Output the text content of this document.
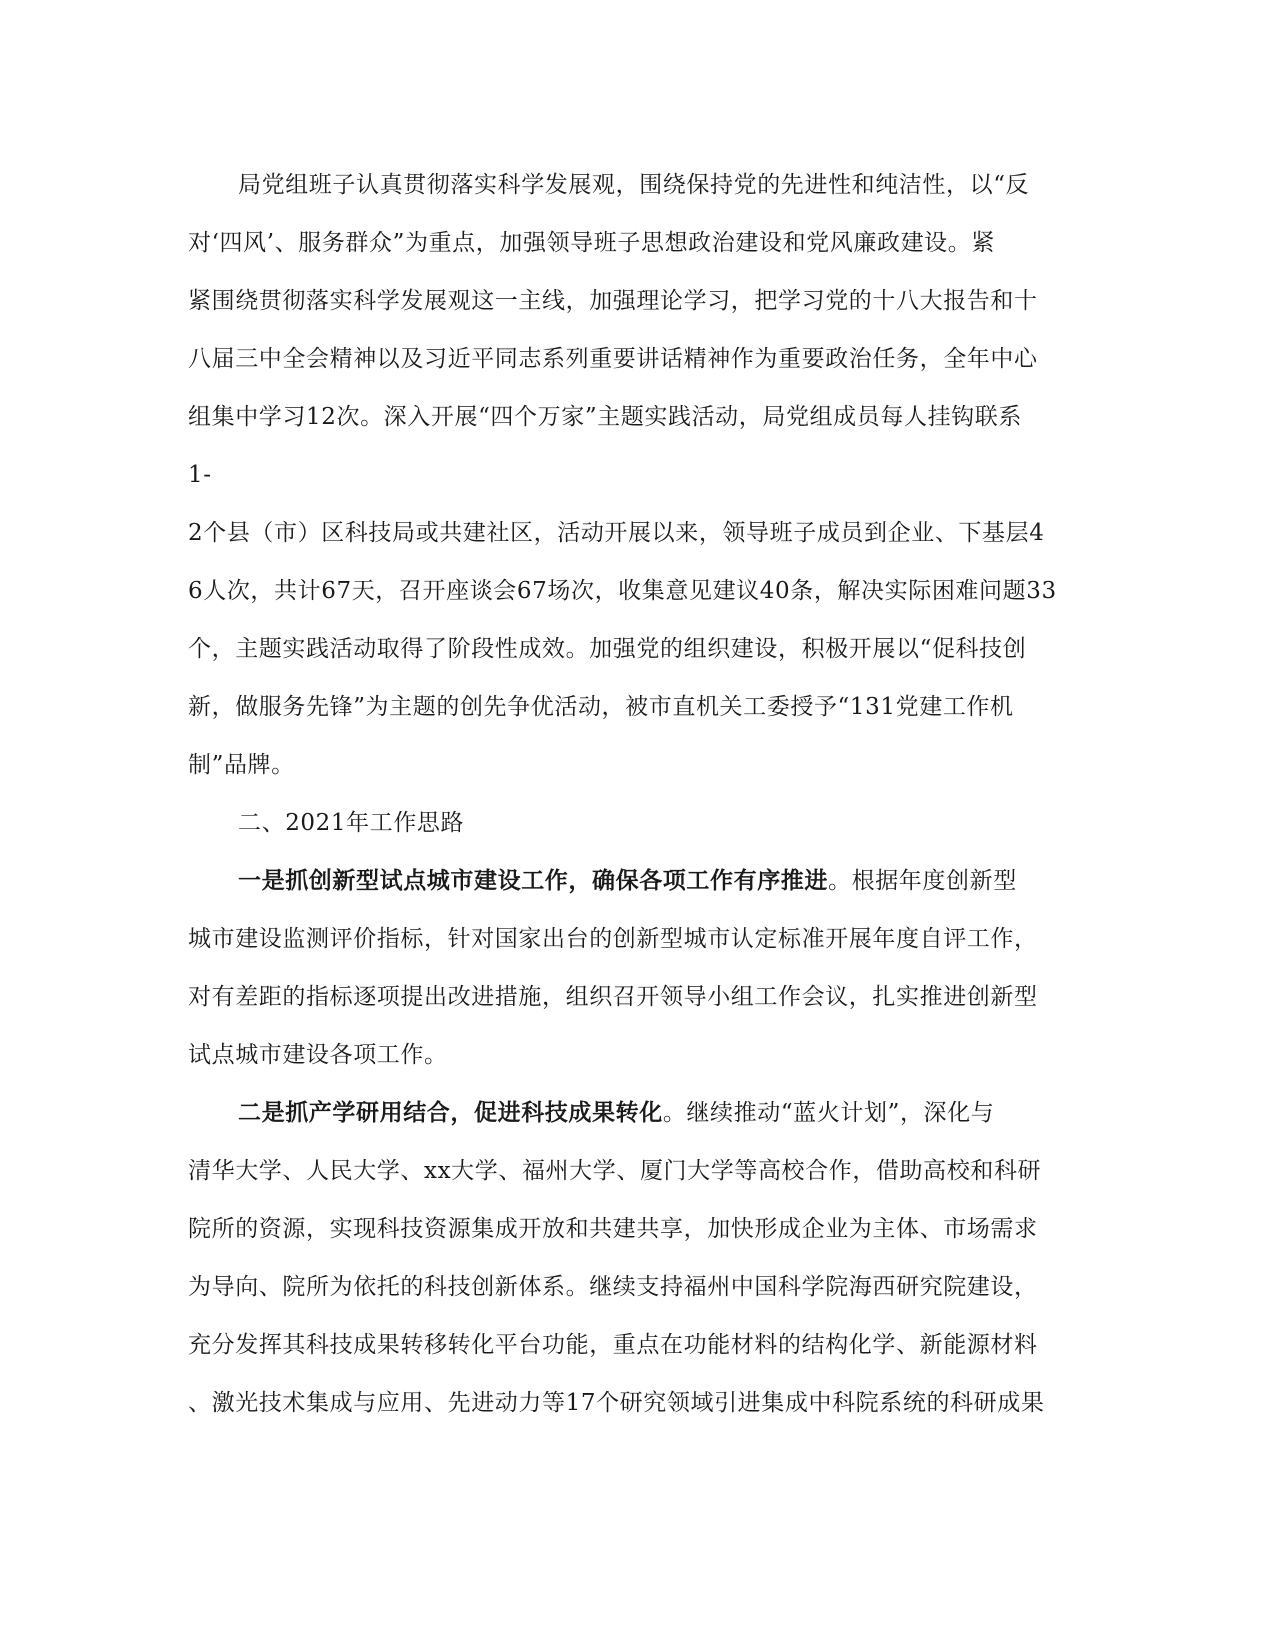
局党组班子认真贯彻落实科学发展观，围绕保持党的先进性和纯洁性，以“反
对‘四风’、服务群众”为重点，加强领导班子思想政治建设和党风廉政建设。紧
紧围绕贯彻落实科学发展观这一主线，加强理论学习，把学习党的十八大报告和十
八届三中全会精神以及习近平同志系列重要讲话精神作为重要政治任务，全年中心
组集中学习12次。深入开展“四个万家”主题实践活动，局党组成员每人挂钩联系
1-
2个县（市）区科技局或共建社区，活动开展以来，领导班子成员到企业、下基层4
6人次，共计67天，召开座谈会67场次，收集意见建议40条，解决实际困难问题33
个，主题实践活动取得了阶段性成效。加强党的组织建设，积极开展以“促科技创
新，做服务先锋”为主题的创先争优活动，被市直机关工委授予“131党建工作机
制”品牌。
二、2021年工作思路
一是抓创新型试点城市建设工作，确保各项工作有序推进。根据年度创新型
城市建设监测评价指标，针对国家出台的创新型城市认定标准开展年度自评工作，
对有差距的指标逐项提出改进措施，组织召开领导小组工作会议，扎实推进创新型
试点城市建设各项工作。
二是抓产学研用结合，促进科技成果转化。继续推动“蓝火计划”，深化与
清华大学、人民大学、xx大学、福州大学、厦门大学等高校合作，借助高校和科研
院所的资源，实现科技资源集成开放和共建共享，加快形成企业为主体、市场需求
为导向、院所为依托的科技创新体系。继续支持福州中国科学院海西研究院建设，
充分发挥其科技成果转移转化平台功能，重点在功能材料的结构化学、新能源材料
、激光技术集成与应用、先进动力等17个研究领域引进集成中科院系统的科研成果
